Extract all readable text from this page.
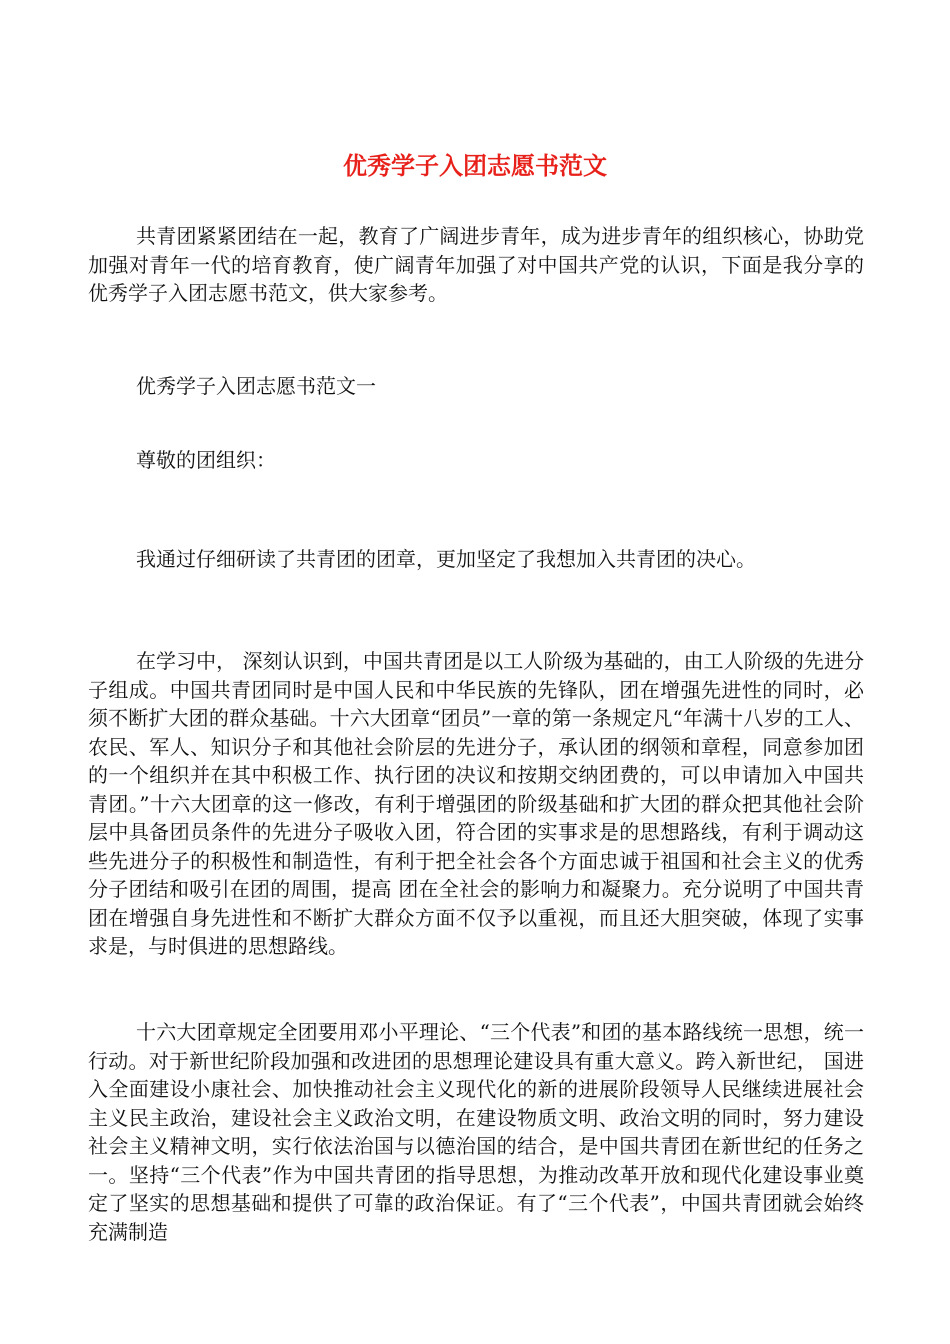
优秀学子入团志愿书范文

共青团紧紧团结在一起，教育了广阔进步青年，成为进步青年的组织核心，协助党加强对青年一代的培育教育，使广阔青年加强了对中国共产党的认识，下面是我分享的优秀学子入团志愿书范文，供大家参考。

优秀学子入团志愿书范文一

尊敬的团组织：

我通过仔细研读了共青团的团章，更加坚定了我想加入共青团的决心。

在学习中， 深刻认识到，中国共青团是以工人阶级为基础的，由工人阶级的先进分子组成。中国共青团同时是中国人民和中华民族的先锋队，团在增强先进性的同时，必须不断扩大团的群众基础。十六大团章“团员”一章的第一条规定凡“年满十八岁的工人、农民、军人、知识分子和其他社会阶层的先进分子，承认团的纲领和章程，同意参加团的一个组织并在其中积极工作、执行团的决议和按期交纳团费的，可以申请加入中国共青团。”十六大团章的这一修改，有利于增强团的阶级基础和扩大团的群众把其他社会阶层中具备团员条件的先进分子吸收入团，符合团的实事求是的思想路线，有利于调动这些先进分子的积极性和制造性，有利于把全社会各个方面忠诚于祖国和社会主义的优秀分子团结和吸引在团的周围，提高 团在全社会的影响力和凝聚力。充分说明了中国共青团在增强自身先进性和不断扩大群众方面不仅予以重视，而且还大胆突破，体现了实事求是，与时俱进的思想路线。

十六大团章规定全团要用邓小平理论、“三个代表”和团的基本路线统一思想，统一行动。对于新世纪阶段加强和改进团的思想理论建设具有重大意义。跨入新世纪， 国进入全面建设小康社会、加快推动社会主义现代化的新的进展阶段领导人民继续进展社会主义民主政治，建设社会主义政治文明，在建设物质文明、政治文明的同时，努力建设社会主义精神文明，实行依法治国与以德治国的结合，是中国共青团在新世纪的任务之一。坚持“三个代表”作为中国共青团的指导思想，为推动改革开放和现代化建设事业奠定了坚实的思想基础和提供了可靠的政治保证。有了“三个代表”，中国共青团就会始终充满制造
